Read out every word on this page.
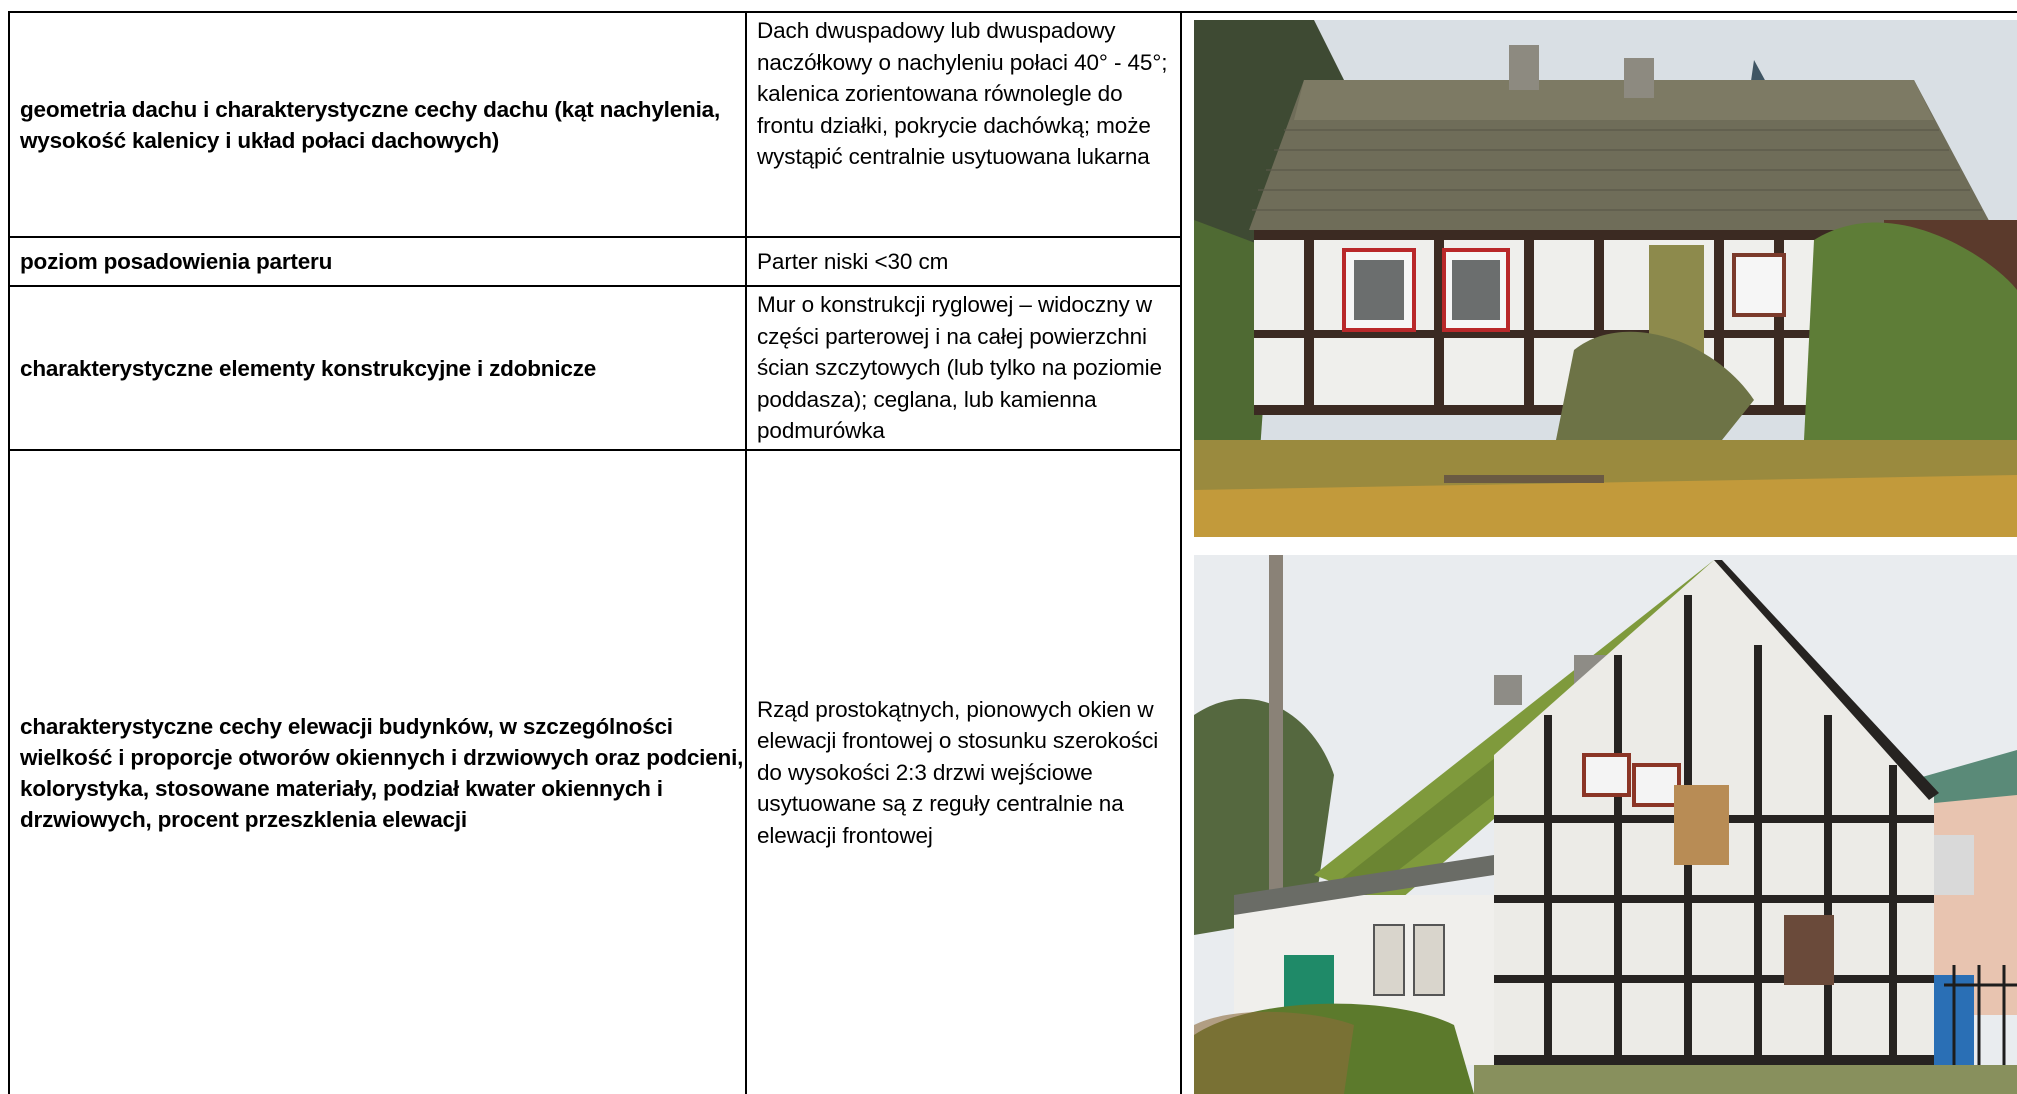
geometria dachu i charakterystyczne cechy dachu (kąt nachylenia, wysokość kalenicy i układ połaci dachowych)
Dach dwuspadowy lub dwuspadowy naczółkowy o nachyleniu połaci 40° - 45°; kalenica zorientowana równolegle do frontu działki, pokrycie dachówką; może wystąpić centralnie usytuowana lukarna
poziom posadowienia parteru	Parter niski <30 cm
charakterystyczne elementy konstrukcyjne i zdobnicze
Mur o konstrukcji ryglowej – widoczny w części parterowej i na całej powierzchni ścian szczytowych (lub tylko na poziomie poddasza); ceglana, lub kamienna podmurówka
charakterystyczne cechy elewacji budynków, w szczególności wielkość i proporcje otworów okiennych i drzwiowych oraz podcieni, kolorystyka, stosowane materiały, podział kwater okiennych i drzwiowych, procent przeszklenia elewacji
Rząd prostokątnych, pionowych okien w elewacji frontowej o stosunku szerokości do wysokości 2:3 drzwi wejściowe usytuowane są z reguły centralnie na elewacji frontowej
